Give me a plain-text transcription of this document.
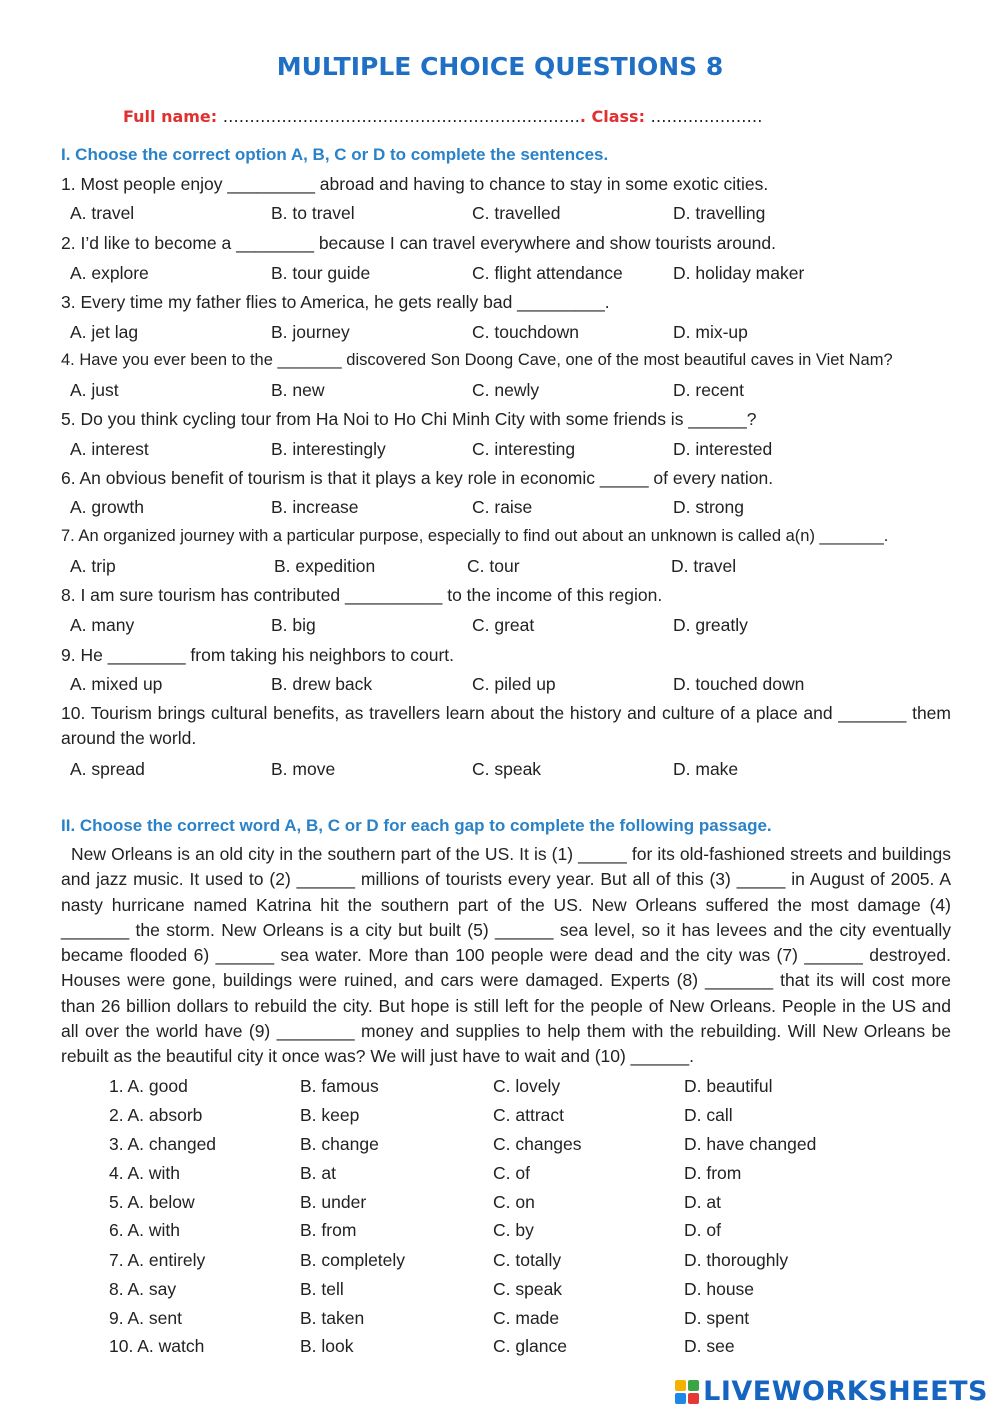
MULTIPLE CHOICE QUESTIONS 8
Full name: ………………………………………………………….. Class: …………………
I. Choose the correct option A, B, C or D to complete the sentences.
1. Most people enjoy _________ abroad and having to chance to stay in some exotic cities.
A. travel	B. to travel	C. travelled	D. travelling
2. I’d like to become a ________ because I can travel everywhere and show tourists around.
A. explore	B. tour guide	C. flight attendance	D. holiday maker
3. Every time my father flies to America, he gets really bad _________.
A. jet lag	B. journey	C. touchdown	D. mix-up
4. Have you ever been to the _______ discovered Son Doong Cave, one of the most beautiful caves in Viet Nam?
A. just	B. new	C. newly	D. recent
5. Do you think cycling tour from Ha Noi to Ho Chi Minh City with some friends is ______?
A. interest	B. interestingly	C. interesting	D. interested
6. An obvious benefit of tourism is that it plays a key role in economic _____ of every nation.
A. growth	B. increase	C. raise	D. strong
7. An organized journey with a particular purpose, especially to find out about an unknown is called a(n) _______.
A. trip	B. expedition	C. tour	D. travel
8. I am sure tourism has contributed __________ to the income of this region.
A. many	B. big	C. great	D. greatly
9. He ________ from taking his neighbors to court.
A. mixed up	B. drew back	C. piled up	D. touched down
10. Tourism brings cultural benefits, as travellers learn about the history and culture of a place and _______ them around the world.
A. spread	B. move	C. speak	D. make
II. Choose the correct word A, B, C or D for each gap to complete the following passage.
New Orleans is an old city in the southern part of the US. It is (1) _____ for its old-fashioned streets and buildings and jazz music. It used to (2) ______ millions of tourists every year. But all of this (3) _____ in August of 2005. A nasty hurricane named Katrina hit the southern part of the US. New Orleans suffered the most damage (4) _______ the storm. New Orleans is a city but built (5) ______ sea level, so it has levees and the city eventually became flooded 6) ______ sea water. More than 100 people were dead and the city was (7) ______ destroyed. Houses were gone, buildings were ruined, and cars were damaged. Experts (8) _______ that its will cost more than 26 billion dollars to rebuild the city. But hope is still left for the people of New Orleans. People in the US and all over the world have (9) ________ money and supplies to help them with the rebuilding. Will New Orleans be rebuilt as the beautiful city it once was? We will just have to wait and (10) ______.
1. A. good	B. famous	C. lovely	D. beautiful
2. A. absorb	B. keep	C. attract	D. call
3. A. changed	B. change	C. changes	D. have changed
4. A. with	B. at	C. of	D. from
5. A. below	B. under	C. on	D. at
6. A. with	B. from	C. by	D. of
7. A. entirely	B. completely	C. totally	D. thoroughly
8. A. say	B. tell	C. speak	D. house
9. A. sent	B. taken	C. made	D. spent
10. A. watch	B. look	C. glance	D. see
LIVEWORKSHEETS
